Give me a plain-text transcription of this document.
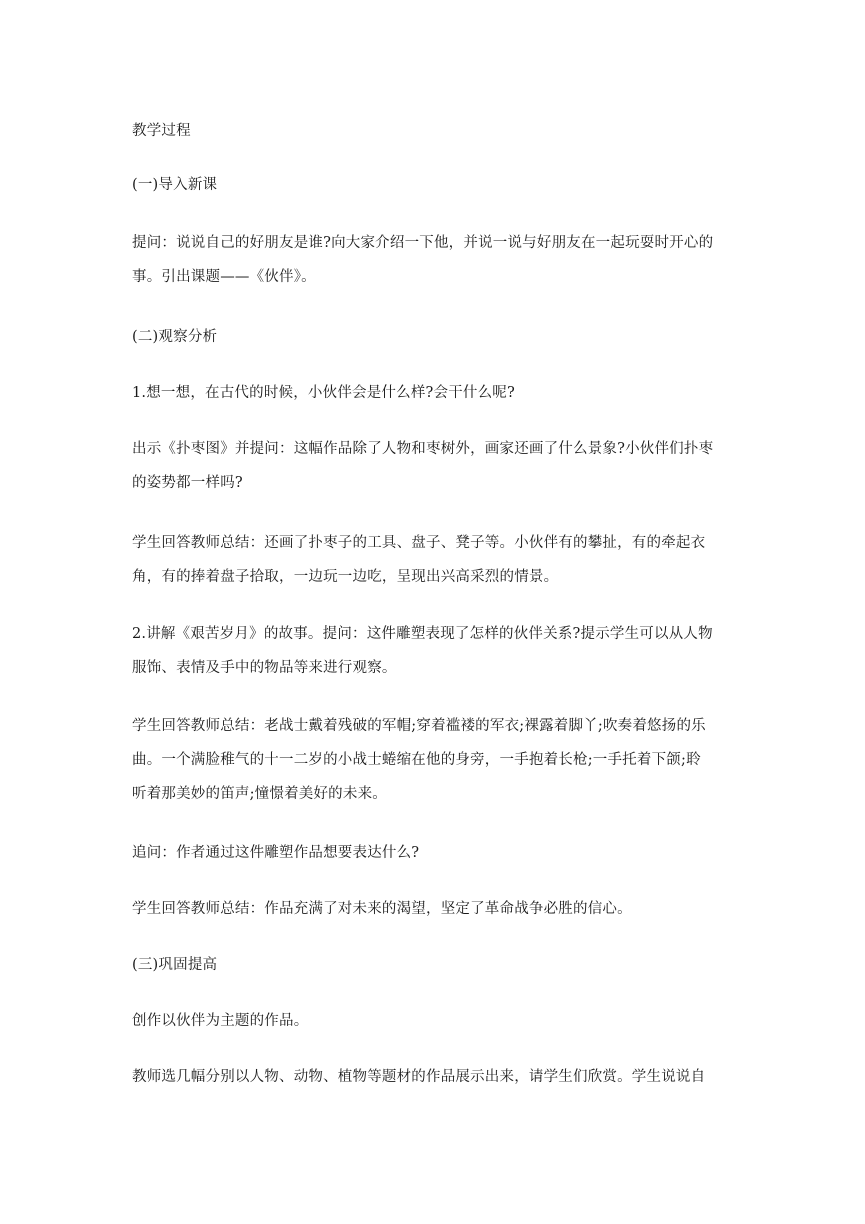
教学过程

(一)导入新课

提问：说说自己的好朋友是谁?向大家介绍一下他，并说一说与好朋友在一起玩耍时开心的
事。引出课题——《伙伴》。

(二)观察分析

1.想一想，在古代的时候，小伙伴会是什么样?会干什么呢?

出示《扑枣图》并提问：这幅作品除了人物和枣树外，画家还画了什么景象?小伙伴们扑枣
的姿势都一样吗?

学生回答教师总结：还画了扑枣子的工具、盘子、凳子等。小伙伴有的攀扯，有的牵起衣
角，有的捧着盘子拾取，一边玩一边吃，呈现出兴高采烈的情景。

2.讲解《艰苦岁月》的故事。提问：这件雕塑表现了怎样的伙伴关系?提示学生可以从人物
服饰、表情及手中的物品等来进行观察。

学生回答教师总结：老战士戴着残破的军帽;穿着褴褛的军衣;裸露着脚丫;吹奏着悠扬的乐
曲。一个满脸稚气的十一二岁的小战士蜷缩在他的身旁，一手抱着长枪;一手托着下颌;聆
听着那美妙的笛声;憧憬着美好的未来。

追问：作者通过这件雕塑作品想要表达什么?

学生回答教师总结：作品充满了对未来的渴望，坚定了革命战争必胜的信心。

(三)巩固提高

创作以伙伴为主题的作品。

教师选几幅分别以人物、动物、植物等题材的作品展示出来，请学生们欣赏。学生说说自
